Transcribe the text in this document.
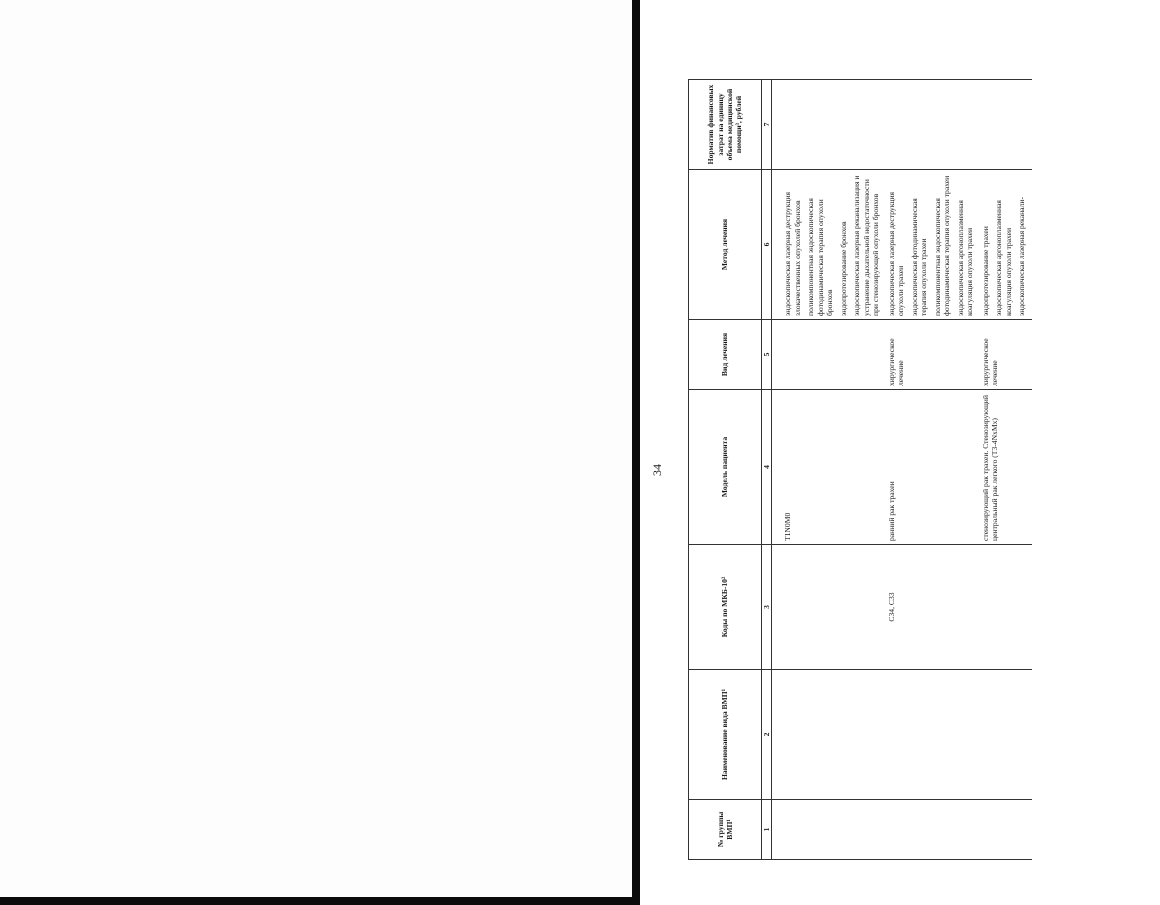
34
№ группы ВМП¹	Наименование вида ВМП¹	Коды по МКБ-10²	Модель пациента	Вид лечения	Метод лечения	Норматив финансовых затрат на единицу объема медицинской помощи³, рублей
1	2	3	4	5	6	7

			T1N0M0		эндоскопическая лазерная деструкция злокачественных опухолей бронхов поликомпонентная эндоскопическая фотодинамическая терапия опухоли бронхов эндопротезирование бронхов эндоскопическая лазерная реканализация и устранение дыхательной недостаточности при стенозирующей опухоли бронхов	

		C34, C33	ранний рак трахеи	хирургическое лечение	эндоскопическая лазерная деструкция опухоли трахеи эндоскопическая фотодинамическая терапия опухоли трахеи поликомпонентная эндоскопическая фотодинамическая терапия опухоли трахеи эндоскопическая аргоноплазменная коагуляция опухоли трахеи	

			стенозирующий рак трахеи. Стенозирующий центральный рак легкого (T3-4NxMx)	хирургическое лечение	эндопротезирование трахеи эндоскопическая аргоноплазменная коагуляция опухоли трахеи эндоскопическая лазерная реканали-	
